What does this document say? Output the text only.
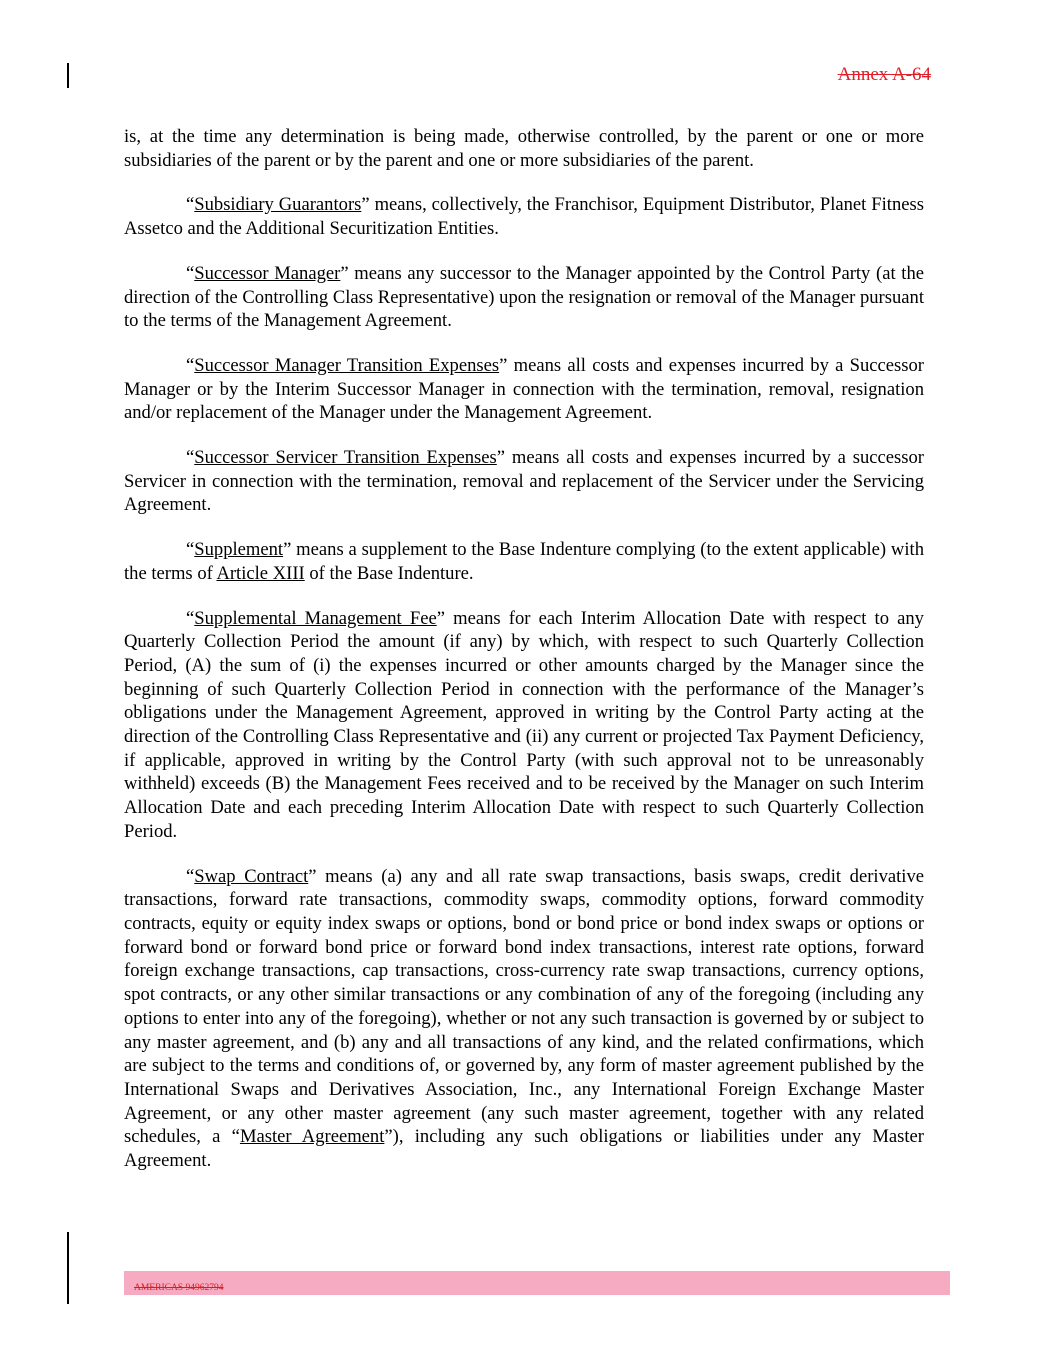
Annex A-64

is, at the time any determination is being made, otherwise controlled, by the parent or one or more subsidiaries of the parent or by the parent and one or more subsidiaries of the parent.

“Subsidiary Guarantors” means, collectively, the Franchisor, Equipment Distributor, Planet Fitness Assetco and the Additional Securitization Entities.

“Successor Manager” means any successor to the Manager appointed by the Control Party (at the direction of the Controlling Class Representative) upon the resignation or removal of the Manager pursuant to the terms of the Management Agreement.

“Successor Manager Transition Expenses” means all costs and expenses incurred by a Successor Manager or by the Interim Successor Manager in connection with the termination, removal, resignation and/or replacement of the Manager under the Management Agreement.

“Successor Servicer Transition Expenses” means all costs and expenses incurred by a successor Servicer in connection with the termination, removal and replacement of the Servicer under the Servicing Agreement.

“Supplement” means a supplement to the Base Indenture complying (to the extent applicable) with the terms of Article XIII of the Base Indenture.

“Supplemental Management Fee” means for each Interim Allocation Date with respect to any Quarterly Collection Period the amount (if any) by which, with respect to such Quarterly Collection Period, (A) the sum of (i) the expenses incurred or other amounts charged by the Manager since the beginning of such Quarterly Collection Period in connection with the performance of the Manager’s obligations under the Management Agreement, approved in writing by the Control Party acting at the direction of the Controlling Class Representative and (ii) any current or projected Tax Payment Deficiency, if applicable, approved in writing by the Control Party (with such approval not to be unreasonably withheld) exceeds (B) the Management Fees received and to be received by the Manager on such Interim Allocation Date and each preceding Interim Allocation Date with respect to such Quarterly Collection Period.

“Swap Contract” means (a) any and all rate swap transactions, basis swaps, credit derivative transactions, forward rate transactions, commodity swaps, commodity options, forward commodity contracts, equity or equity index swaps or options, bond or bond price or bond index swaps or options or forward bond or forward bond price or forward bond index transactions, interest rate options, forward foreign exchange transactions, cap transactions, cross-currency rate swap transactions, currency options, spot contracts, or any other similar transactions or any combination of any of the foregoing (including any options to enter into any of the foregoing), whether or not any such transaction is governed by or subject to any master agreement, and (b) any and all transactions of any kind, and the related confirmations, which are subject to the terms and conditions of, or governed by, any form of master agreement published by the International Swaps and Derivatives Association, Inc., any International Foreign Exchange Master Agreement, or any other master agreement (any such master agreement, together with any related schedules, a “Master Agreement”), including any such obligations or liabilities under any Master Agreement.

AMERICAS 94962794
